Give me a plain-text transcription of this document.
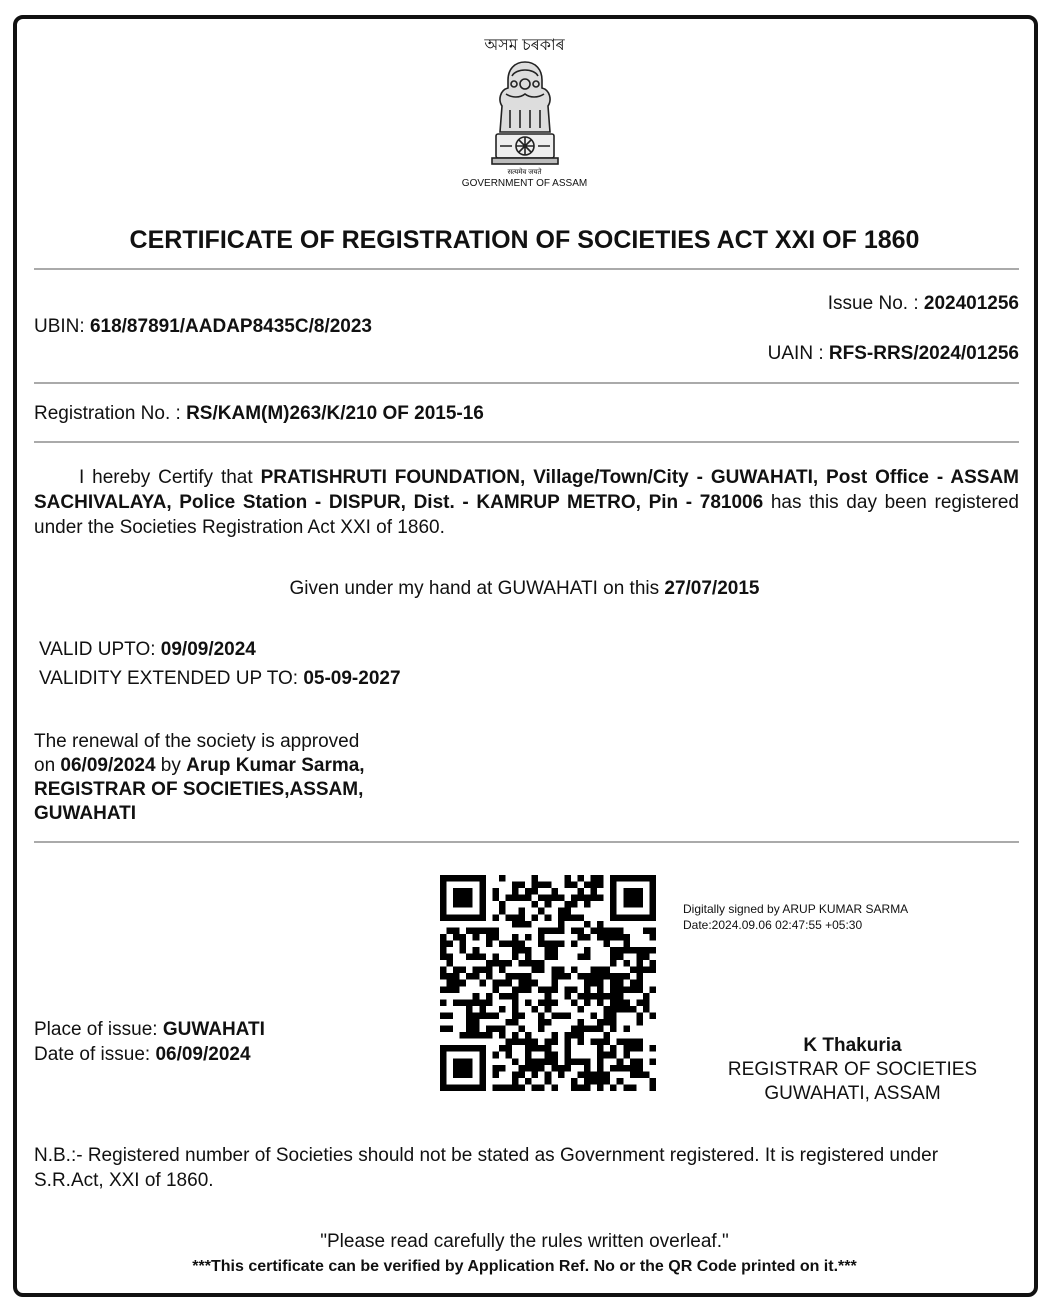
অসম চৰকাৰ
सत्यमेव जयते
GOVERNMENT OF ASSAM
CERTIFICATE OF REGISTRATION OF SOCIETIES ACT XXI OF 1860
Issue No. : 202401256
UBIN: 618/87891/AADAP8435C/8/2023
UAIN : RFS-RRS/2024/01256
Registration No. : RS/KAM(M)263/K/210 OF 2015-16
I hereby Certify that PRATISHRUTI FOUNDATION, Village/Town/City - GUWAHATI, Post Office - ASSAM SACHIVALAYA, Police Station - DISPUR, Dist. - KAMRUP METRO, Pin - 781006 has this day been registered under the Societies Registration Act XXI of 1860.
Given under my hand at GUWAHATI on this 27/07/2015
VALID UPTO: 09/09/2024
VALIDITY EXTENDED UP TO: 05-09-2027
The renewal of the society is approved
on 06/09/2024 by Arup Kumar Sarma,
REGISTRAR OF SOCIETIES,ASSAM,
GUWAHATI
Digitally signed by ARUP KUMAR SARMA
Date:2024.09.06 02:47:55 +05:30
Place of issue: GUWAHATI
Date of issue: 06/09/2024	K Thakuria
REGISTRAR OF SOCIETIES
GUWAHATI, ASSAM
N.B.:- Registered number of Societies should not be stated as Government registered. It is registered under S.R.Act, XXI of 1860.
"Please read carefully the rules written overleaf."
***This certificate can be verified by Application Ref. No or the QR Code printed on it.***
